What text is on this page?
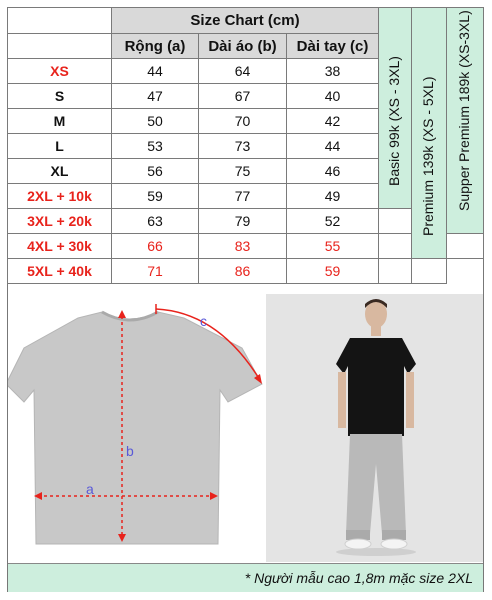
	Size Chart (cm)			Basic 99k (XS - 3XL)	Premium 139k (XS - 5XL)	Supper Premium 189k (XS-3XL)

	Rộng (a)	Dài áo (b)	Dài tay (c)			
XS	44	64	38			
S	47	67	40			
M	50	70	42			
L	53	73	44			
XL	56	75	46			
2XL + 10k	59	77	49			
3XL + 20k	63	79	52			
4XL + 30k	66	83	55			
5XL + 40k	71	86	59			
a
b
c
* Người mẫu cao 1,8m mặc size 2XL
